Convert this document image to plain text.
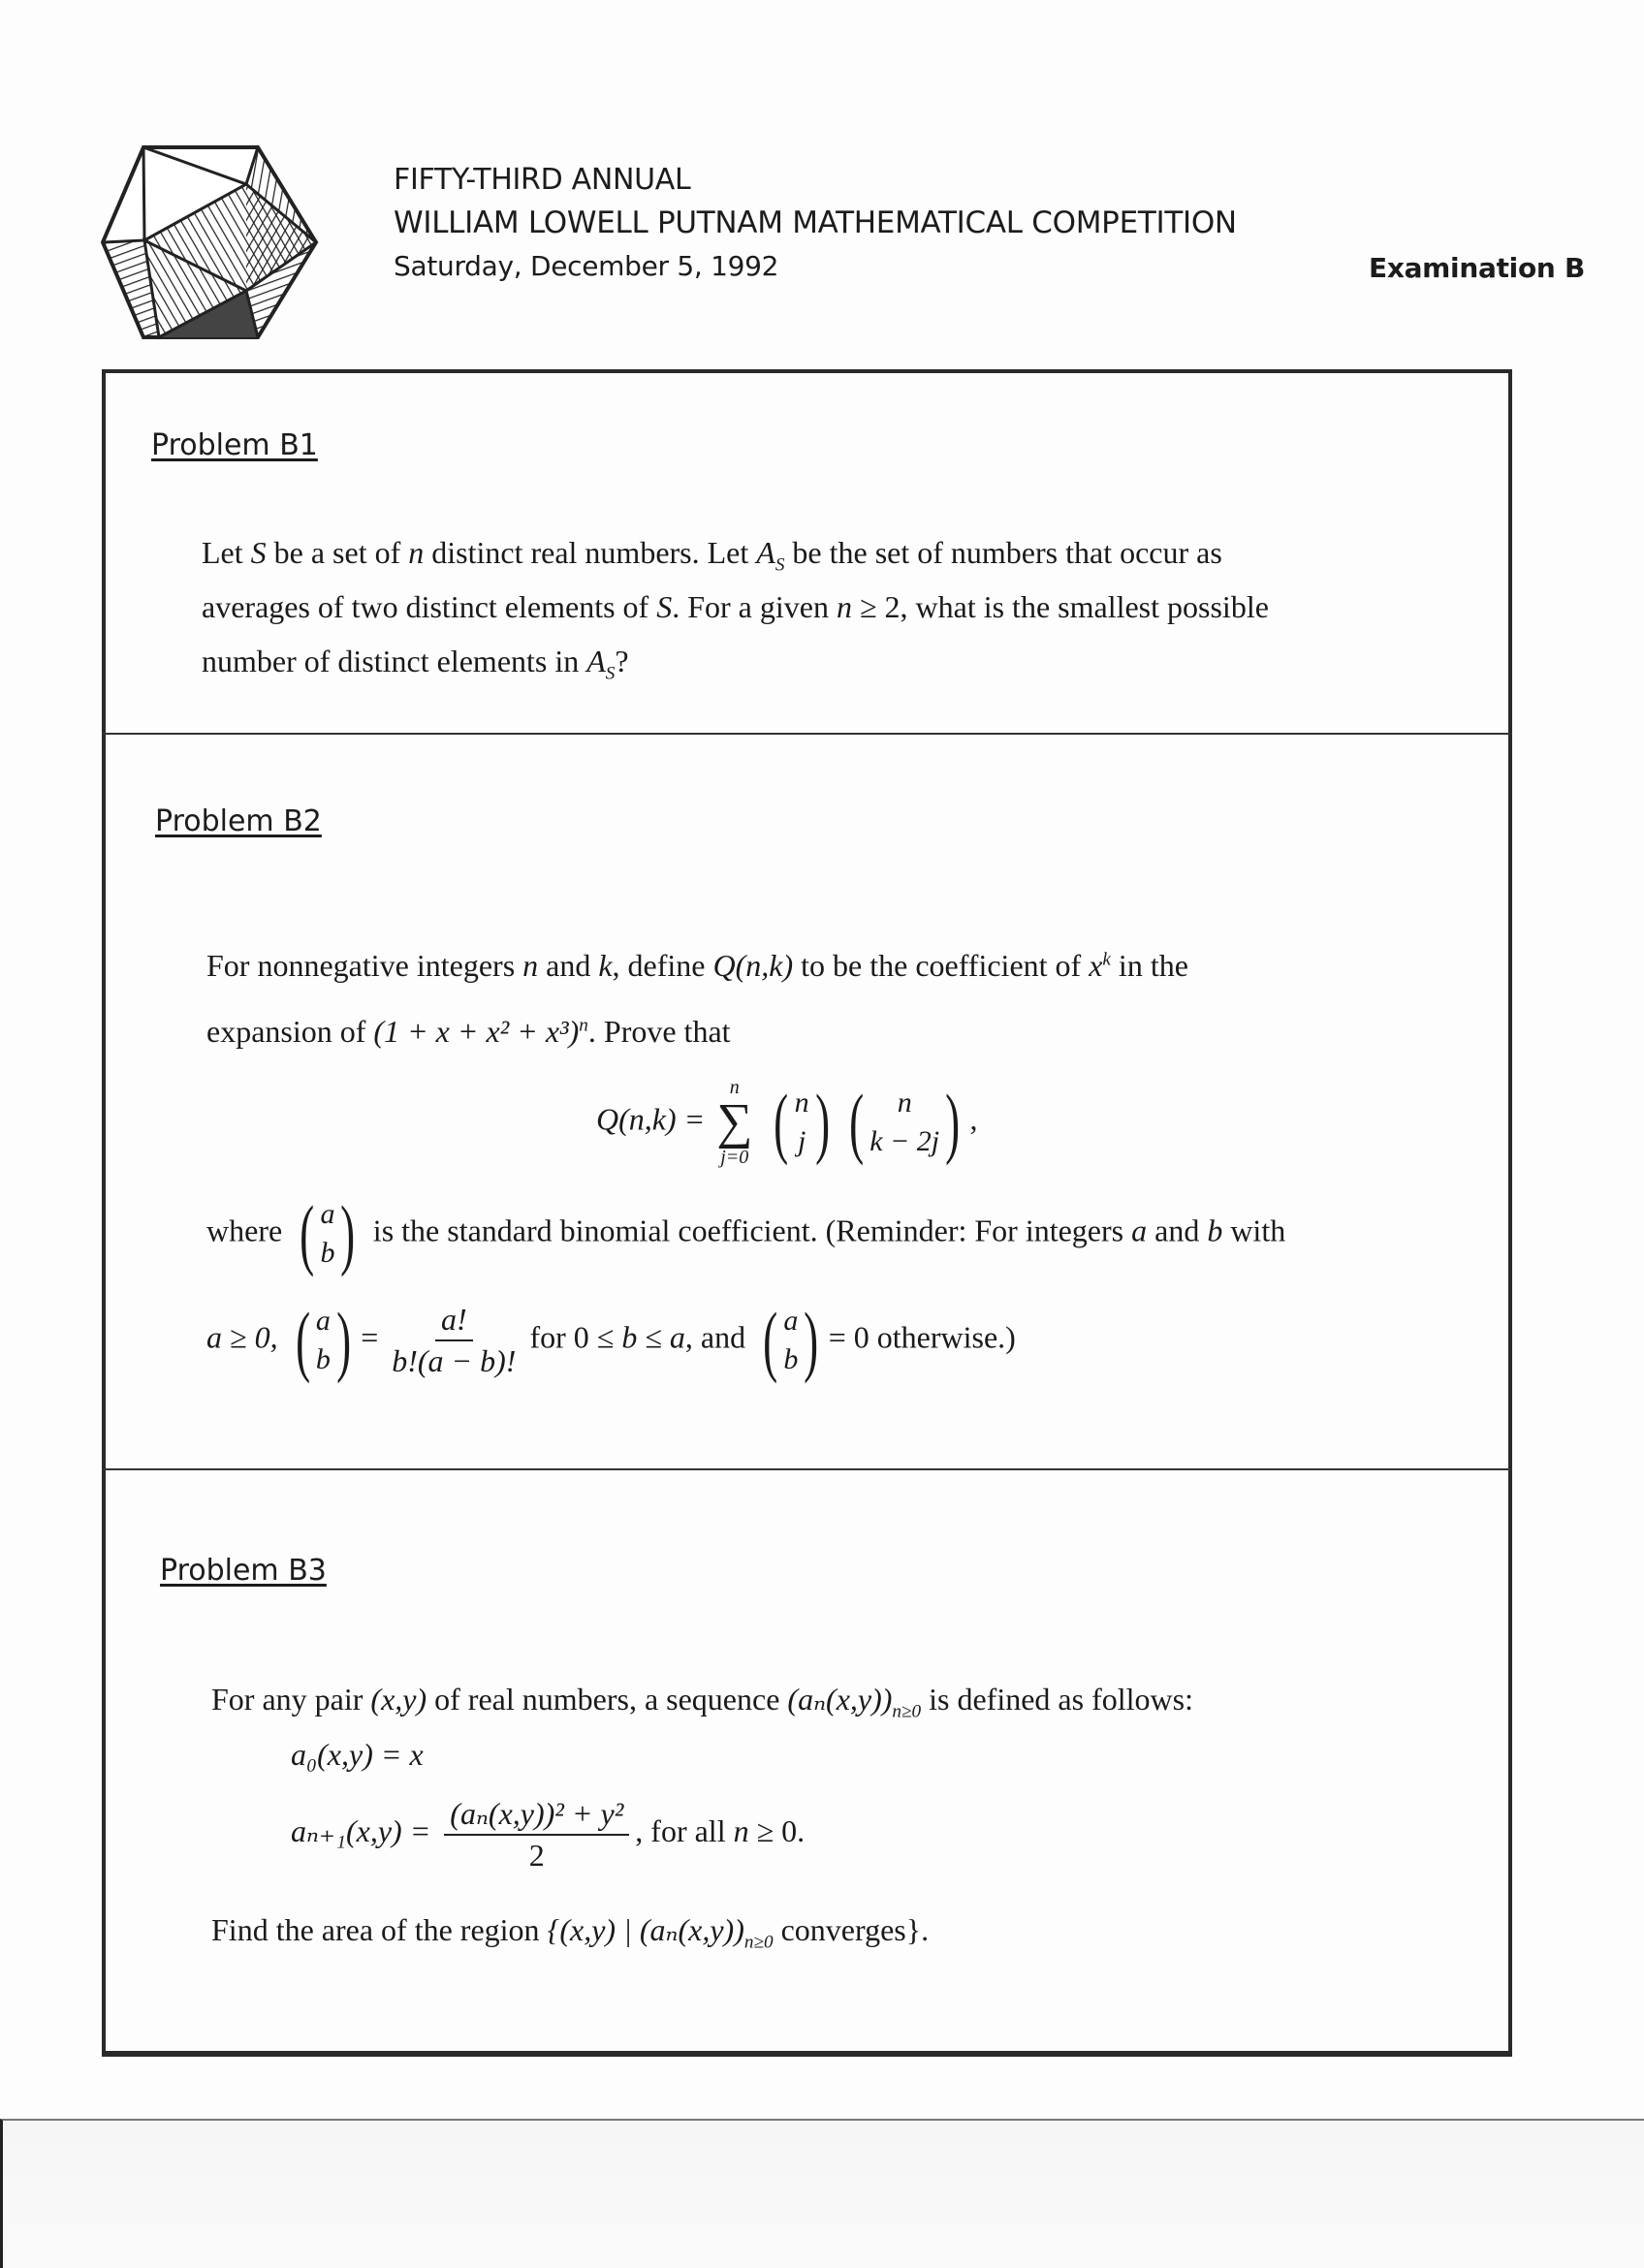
FIFTY-THIRD ANNUAL
WILLIAM LOWELL PUTNAM MATHEMATICAL COMPETITION
Saturday, December 5, 1992	Examination B
Problem B1
Let S be a set of n distinct real numbers. Let $A_S$ be the set of numbers that occur as
averages of two distinct elements of S. For a given n ≥ 2, what is the smallest possible
number of distinct elements in $A_S$?
Problem B2
For nonnegative integers n and k, define Q(n,k) to be the coefficient of $x^k$ in the
expansion of $(1 + x + x^2 + x^3)^n$. Prove that
Q(n,k) =
n
∑
j=0
( n
j ) ( n
k − 2j ) ,
where ( a
b ) is the standard binomial coefficient. (Reminder: For integers a and b with
a ≥ 0, ( a
b ) = $\frac{a!}{b!(a - b)!}$ for 0 ≤ b ≤ a, and ( a
b ) = 0 otherwise.)
Problem B3
For any pair (x,y) of real numbers, a sequence $(a_n(x,y))_{n\ge 0}$ is defined as follows:
a₀(x,y) = x
$a_{n+1}(x,y) = \frac{\text{(aₙ(x,y))² + y²}}{2}$ , for all n ≥ 0.
Find the area of the region {(x,y) | $(a_n(x,y))_{n\ge 0}$ converges}.
